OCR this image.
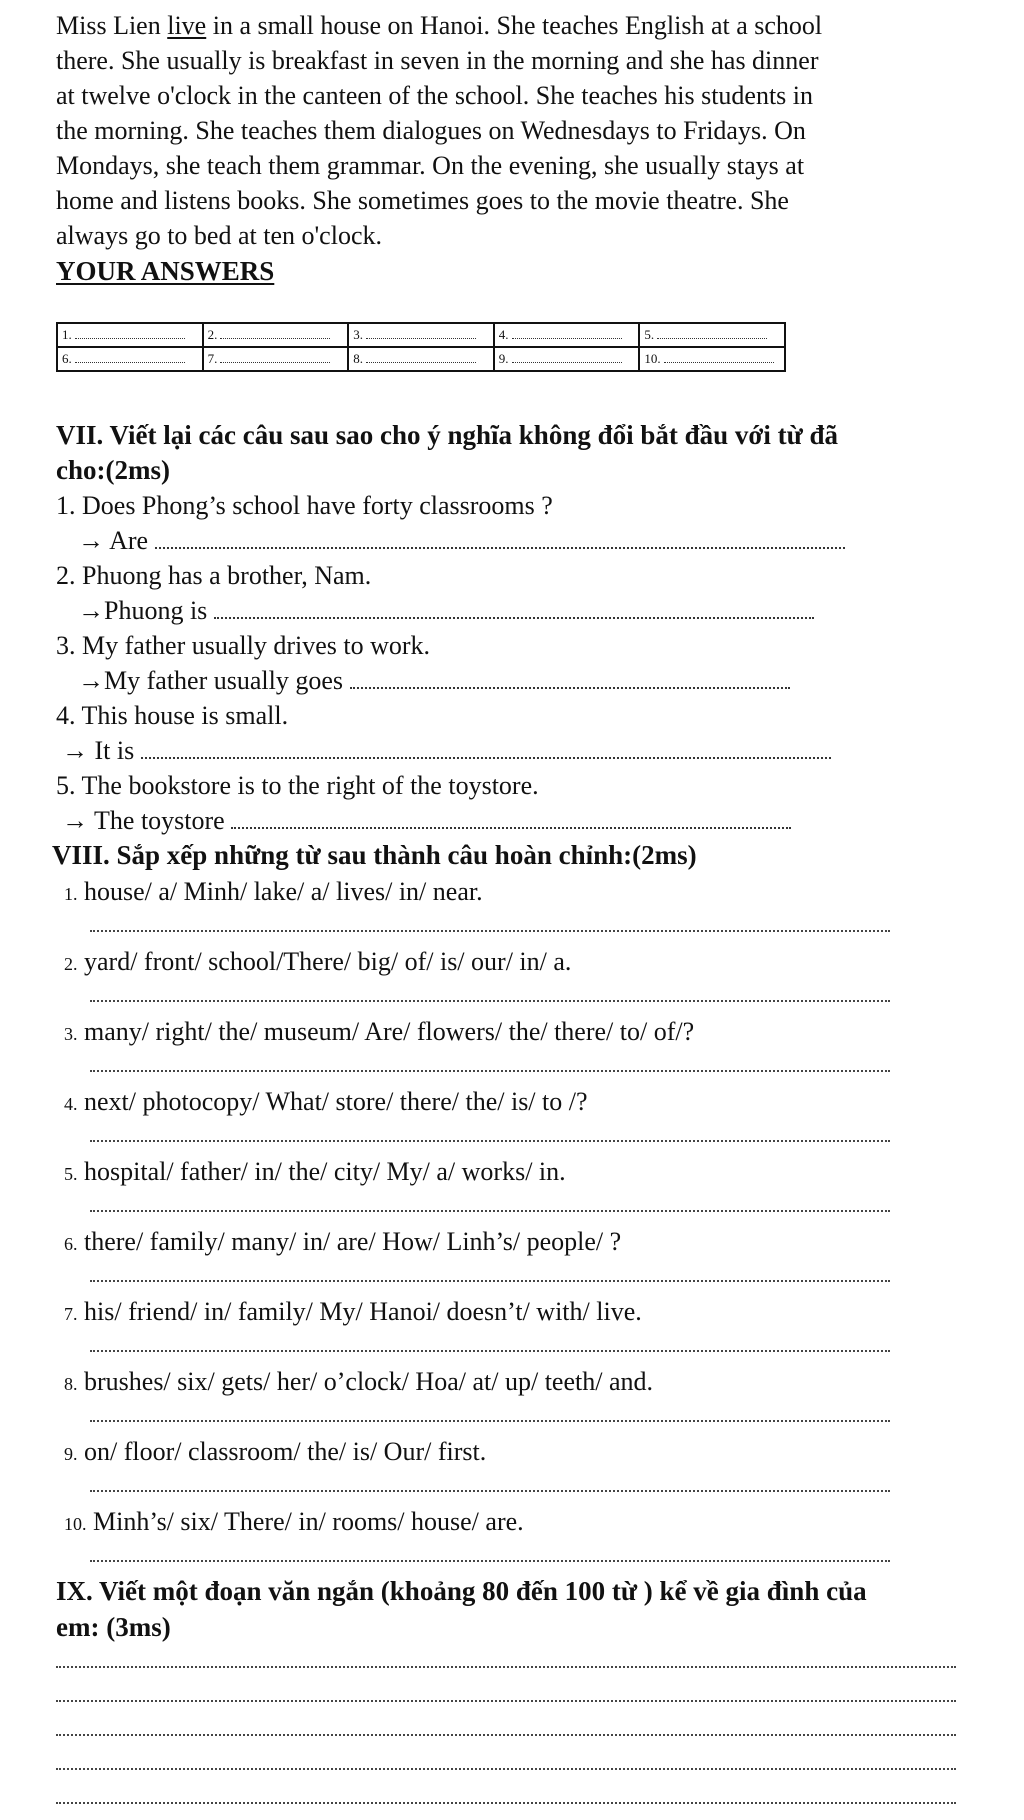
Miss Lien live in a small house on Hanoi. She teaches English at a school
there. She usually is breakfast in seven in the morning and she has dinner
at twelve o'clock in the canteen of the school. She teaches his students in
the morning. She teaches them dialogues on Wednesdays to Fridays. On
Mondays, she teach them grammar. On the evening, she usually stays at
home and listens books. She sometimes goes to the movie theatre. She
always go to bed at ten o'clock.
YOUR ANSWERS
1.	2.	3.	4.	5.
6.	7.	8.	9.	10.
VII. Viết lại các câu sau sao cho ý nghĩa không đổi bắt đầu với từ đã
cho:(2ms)
1. Does Phong’s school have forty classrooms ?
→ Are
2. Phuong has a brother, Nam.
→Phuong is
3. My father usually drives to work.
→My father usually goes
4. This house is small.
→ It is
5. The bookstore is to the right of the toystore.
→ The toystore
VIII. Sắp xếp những từ sau thành câu hoàn chỉnh:(2ms)
1. house/ a/ Minh/ lake/ a/ lives/ in/ near.
2. yard/ front/ school/There/ big/ of/ is/ our/ in/ a.
3. many/ right/ the/ museum/ Are/ flowers/ the/ there/ to/ of/?
4. next/ photocopy/ What/ store/ there/ the/ is/ to /?
5. hospital/ father/ in/ the/ city/ My/ a/ works/ in.
6. there/ family/ many/ in/ are/ How/ Linh’s/ people/ ?
7. his/ friend/ in/ family/ My/ Hanoi/ doesn’t/ with/ live.
8. brushes/ six/ gets/ her/ o’clock/ Hoa/ at/ up/ teeth/ and.
9. on/ floor/ classroom/ the/ is/ Our/ first.
10. Minh’s/ six/ There/ in/ rooms/ house/ are.
IX. Viết một đoạn văn ngắn (khoảng 80 đến 100 từ ) kể về gia đình của
em: (3ms)
